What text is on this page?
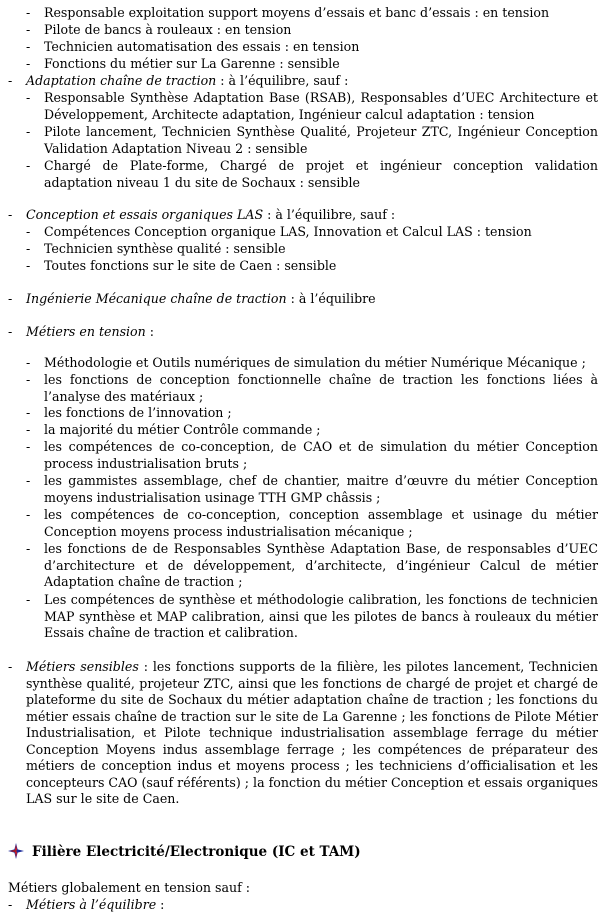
-	Responsable exploitation support moyens d’essais et banc d’essais : en tension
-	Pilote de bancs à rouleaux : en tension
-	Technicien automatisation des essais : en tension
-	Fonctions du métier sur La Garenne : sensible
-	Adaptation chaîne de traction : à l’équilibre, sauf :
-	Responsable Synthèse Adaptation Base (RSAB), Responsables d’UEC Architecture et Développement, Architecte adaptation, Ingénieur calcul adaptation : tension
-	Pilote lancement, Technicien Synthèse Qualité, Projeteur ZTC, Ingénieur Conception Validation Adaptation Niveau 2 : sensible
-	Chargé de Plate-forme, Chargé de projet et ingénieur conception validation adaptation niveau 1 du site de Sochaux : sensible
-	Conception et essais organiques LAS : à l’équilibre, sauf :
-	Compétences Conception organique LAS, Innovation et Calcul LAS : tension
-	Technicien synthèse qualité : sensible
-	Toutes fonctions sur le site de Caen : sensible
-	Ingénierie Mécanique chaîne de traction : à l’équilibre
-	Métiers en tension :
-	Méthodologie et Outils numériques de simulation du métier Numérique Mécanique ;
-	les fonctions de conception fonctionnelle chaîne de traction les fonctions liées à l’analyse des matériaux ;
-	les fonctions de l’innovation ;
-	la majorité du métier Contrôle commande ;
-	les compétences de co-conception, de CAO et de simulation du métier Conception process industrialisation bruts ;
-	les gammistes assemblage, chef de chantier, maitre d’œuvre du métier Conception moyens industrialisation usinage TTH GMP châssis ;
-	les compétences de co-conception, conception assemblage et usinage du métier Conception moyens process industrialisation mécanique ;
-	les fonctions de de Responsables Synthèse Adaptation Base, de responsables d’UEC d’architecture et de développement, d’architecte, d’ingénieur Calcul de métier Adaptation chaîne de traction ;
-	Les compétences de synthèse et méthodologie calibration, les fonctions de technicien MAP synthèse et MAP calibration, ainsi que les pilotes de bancs à rouleaux du métier Essais chaîne de traction et calibration.
-	Métiers sensibles : les fonctions supports de la filière, les pilotes lancement, Technicien synthèse qualité, projeteur ZTC, ainsi que les fonctions de chargé de projet et chargé de plateforme du site de Sochaux du métier adaptation chaîne de traction ; les fonctions du métier essais chaîne de traction sur le site de La Garenne ; les fonctions de Pilote Métier Industrialisation, et Pilote technique industrialisation assemblage ferrage du métier Conception Moyens indus assemblage ferrage ; les compétences de préparateur des métiers de conception indus et moyens process ; les techniciens d’officialisation et les concepteurs CAO (sauf référents) ; la fonction du métier Conception et essais organiques LAS sur le site de Caen.
Filière Electricité/Electronique (IC et TAM)
Métiers globalement en tension sauf :
-	Métiers à l’équilibre :
